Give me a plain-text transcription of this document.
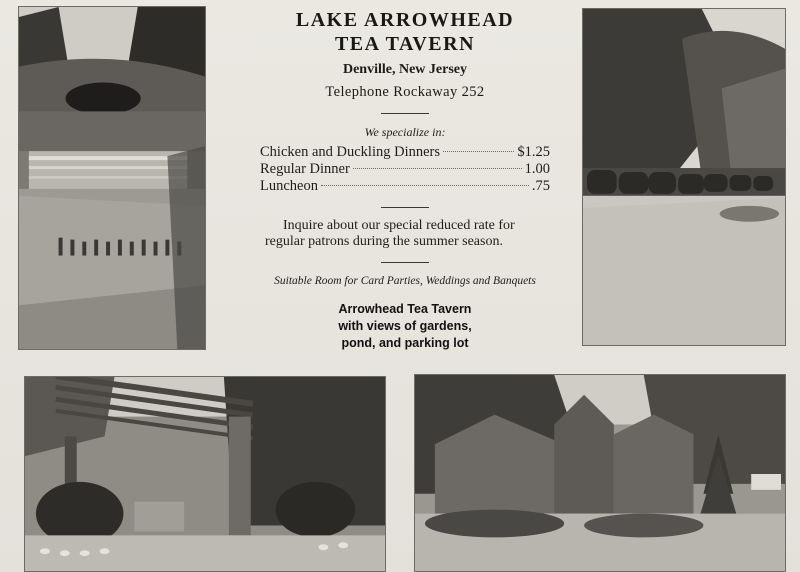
LAKE ARROWHEAD
TEA TAVERN
Denville, New Jersey
Telephone Rockaway 252
We specialize in:
Chicken and Duckling Dinners	$1.25
Regular Dinner	1.00
Luncheon	.75
Inquire about our special reduced rate for regular patrons during the summer season.
Suitable Room for Card Parties, Weddings and Banquets
Arrowhead Tea Tavern
with views of gardens,
pond, and parking lot
